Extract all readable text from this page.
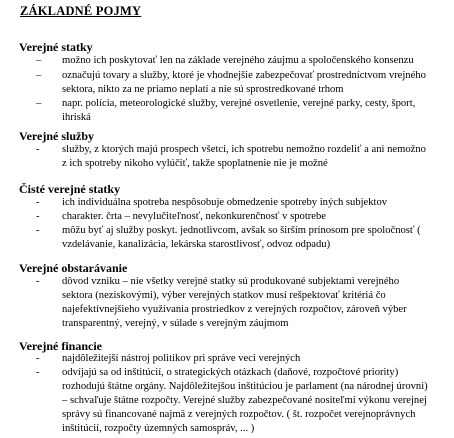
ZÁKLADNÉ POJMY
Verejné statky
–	možno ich poskytovať len na základe verejného záujmu a spoločenského konsenzu
–	označujú tovary a služby, ktoré je vhodnejšie zabezpečovať prostredníctvom vrejného
sektora, nikto za ne priamo neplatí a nie sú sprostredkované trhom
–	napr. polícia, meteorologické služby, verejné osvetlenie, verejné parky, cesty, šport,
ihriská
Verejné služby
-	služby, z ktorých majú prospech všetci, ich spotrebu nemožno rozdeliť a ani nemožno
z ich spotreby nikoho vylúčiť, takže spoplatnenie nie je možné
Čisté verejné statky
-	ich individuálna spotreba nespôsobuje obmedzenie spotreby iných subjektov
-	charakter. črta – nevylučiteľnosť, nekonkurenčnosť v spotrebe
-	môžu byť aj služby poskyt. jednotlivcom, avšak so širším prínosom pre spoločnosť (
vzdelávanie, kanalizácia, lekárska starostlivosť, odvoz odpadu)
Verejné obstarávanie
-	dôvod vzniku – nie všetky verejné statky sú produkované subjektami verejného
sektora (neziskovými), výber verejných statkov musí rešpektovať kritériá čo
najefektívnejšieho využívania prostriedkov z verejných rozpočtov, zároveň výber
transparentný, verejný, v súlade s verejným záujmom
Verejné financie
-	najdôležitejší nástroj politikov pri správe veci verejných
-	odvíjajú sa od inštitúcií, o strategických otázkach (daňové, rozpočtové priority)
rozhodujú štátne orgány. Najdôležitejšou inštitúciou je parlament (na národnej úrovni)
– schvaľuje štátne rozpočty. Verejné služby zabezpečované nositeľmi výkonu verejnej
správy sú financované najmä z verejných rozpočtov. ( št. rozpočet verejnoprávnych
inštitúcií, rozpočty územných samospráv, ... )
